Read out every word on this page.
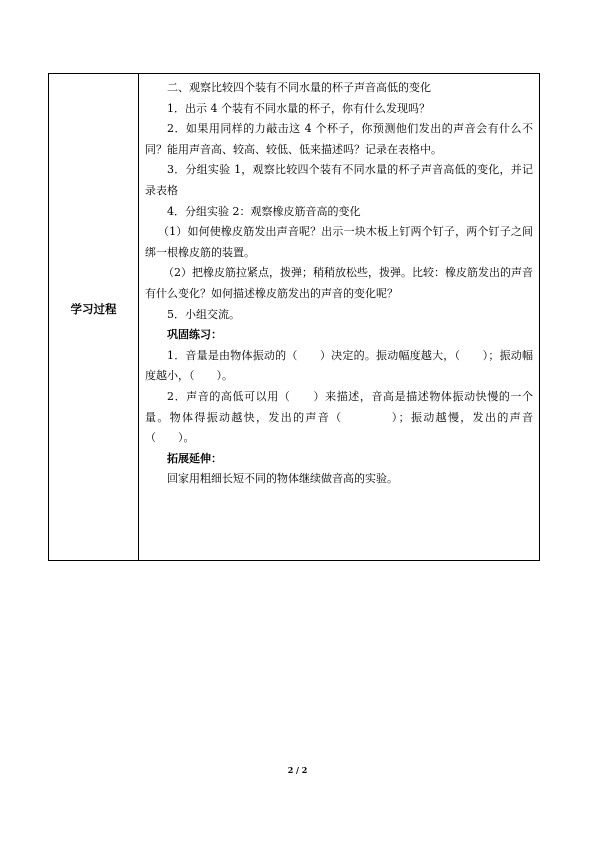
学习过程

二、观察比较四个装有不同水量的杯子声音高低的变化

1．出示 4 个装有不同水量的杯子，你有什么发现吗？

2．如果用同样的力敲击这 4 个杯子，你预测他们发出的声音会有什么不同？能用声音高、较高、较低、低来描述吗？记录在表格中。

3．分组实验 1，观察比较四个装有不同水量的杯子声音高低的变化，并记录表格

4．分组实验 2：观察橡皮筋音高的变化

（1）如何使橡皮筋发出声音呢？出示一块木板上钉两个钉子，两个钉子之间绑一根橡皮筋的装置。

（2）把橡皮筋拉紧点，拨弹；稍稍放松些，拨弹。比较：橡皮筋发出的声音有什么变化？如何描述橡皮筋发出的声音的变化呢？

5．小组交流。

巩固练习：

1．音量是由物体振动的（　　）决定的。振动幅度越大，（　　）；振动幅度越小，（　　）。

2．声音的高低可以用（　　）来描述，音高是描述物体振动快慢的一个量。物体得振动越快，发出的声音（　　　　）；振动越慢，发出的声音（　　）。

拓展延伸：

回家用粗细长短不同的物体继续做音高的实验。

2 / 2
